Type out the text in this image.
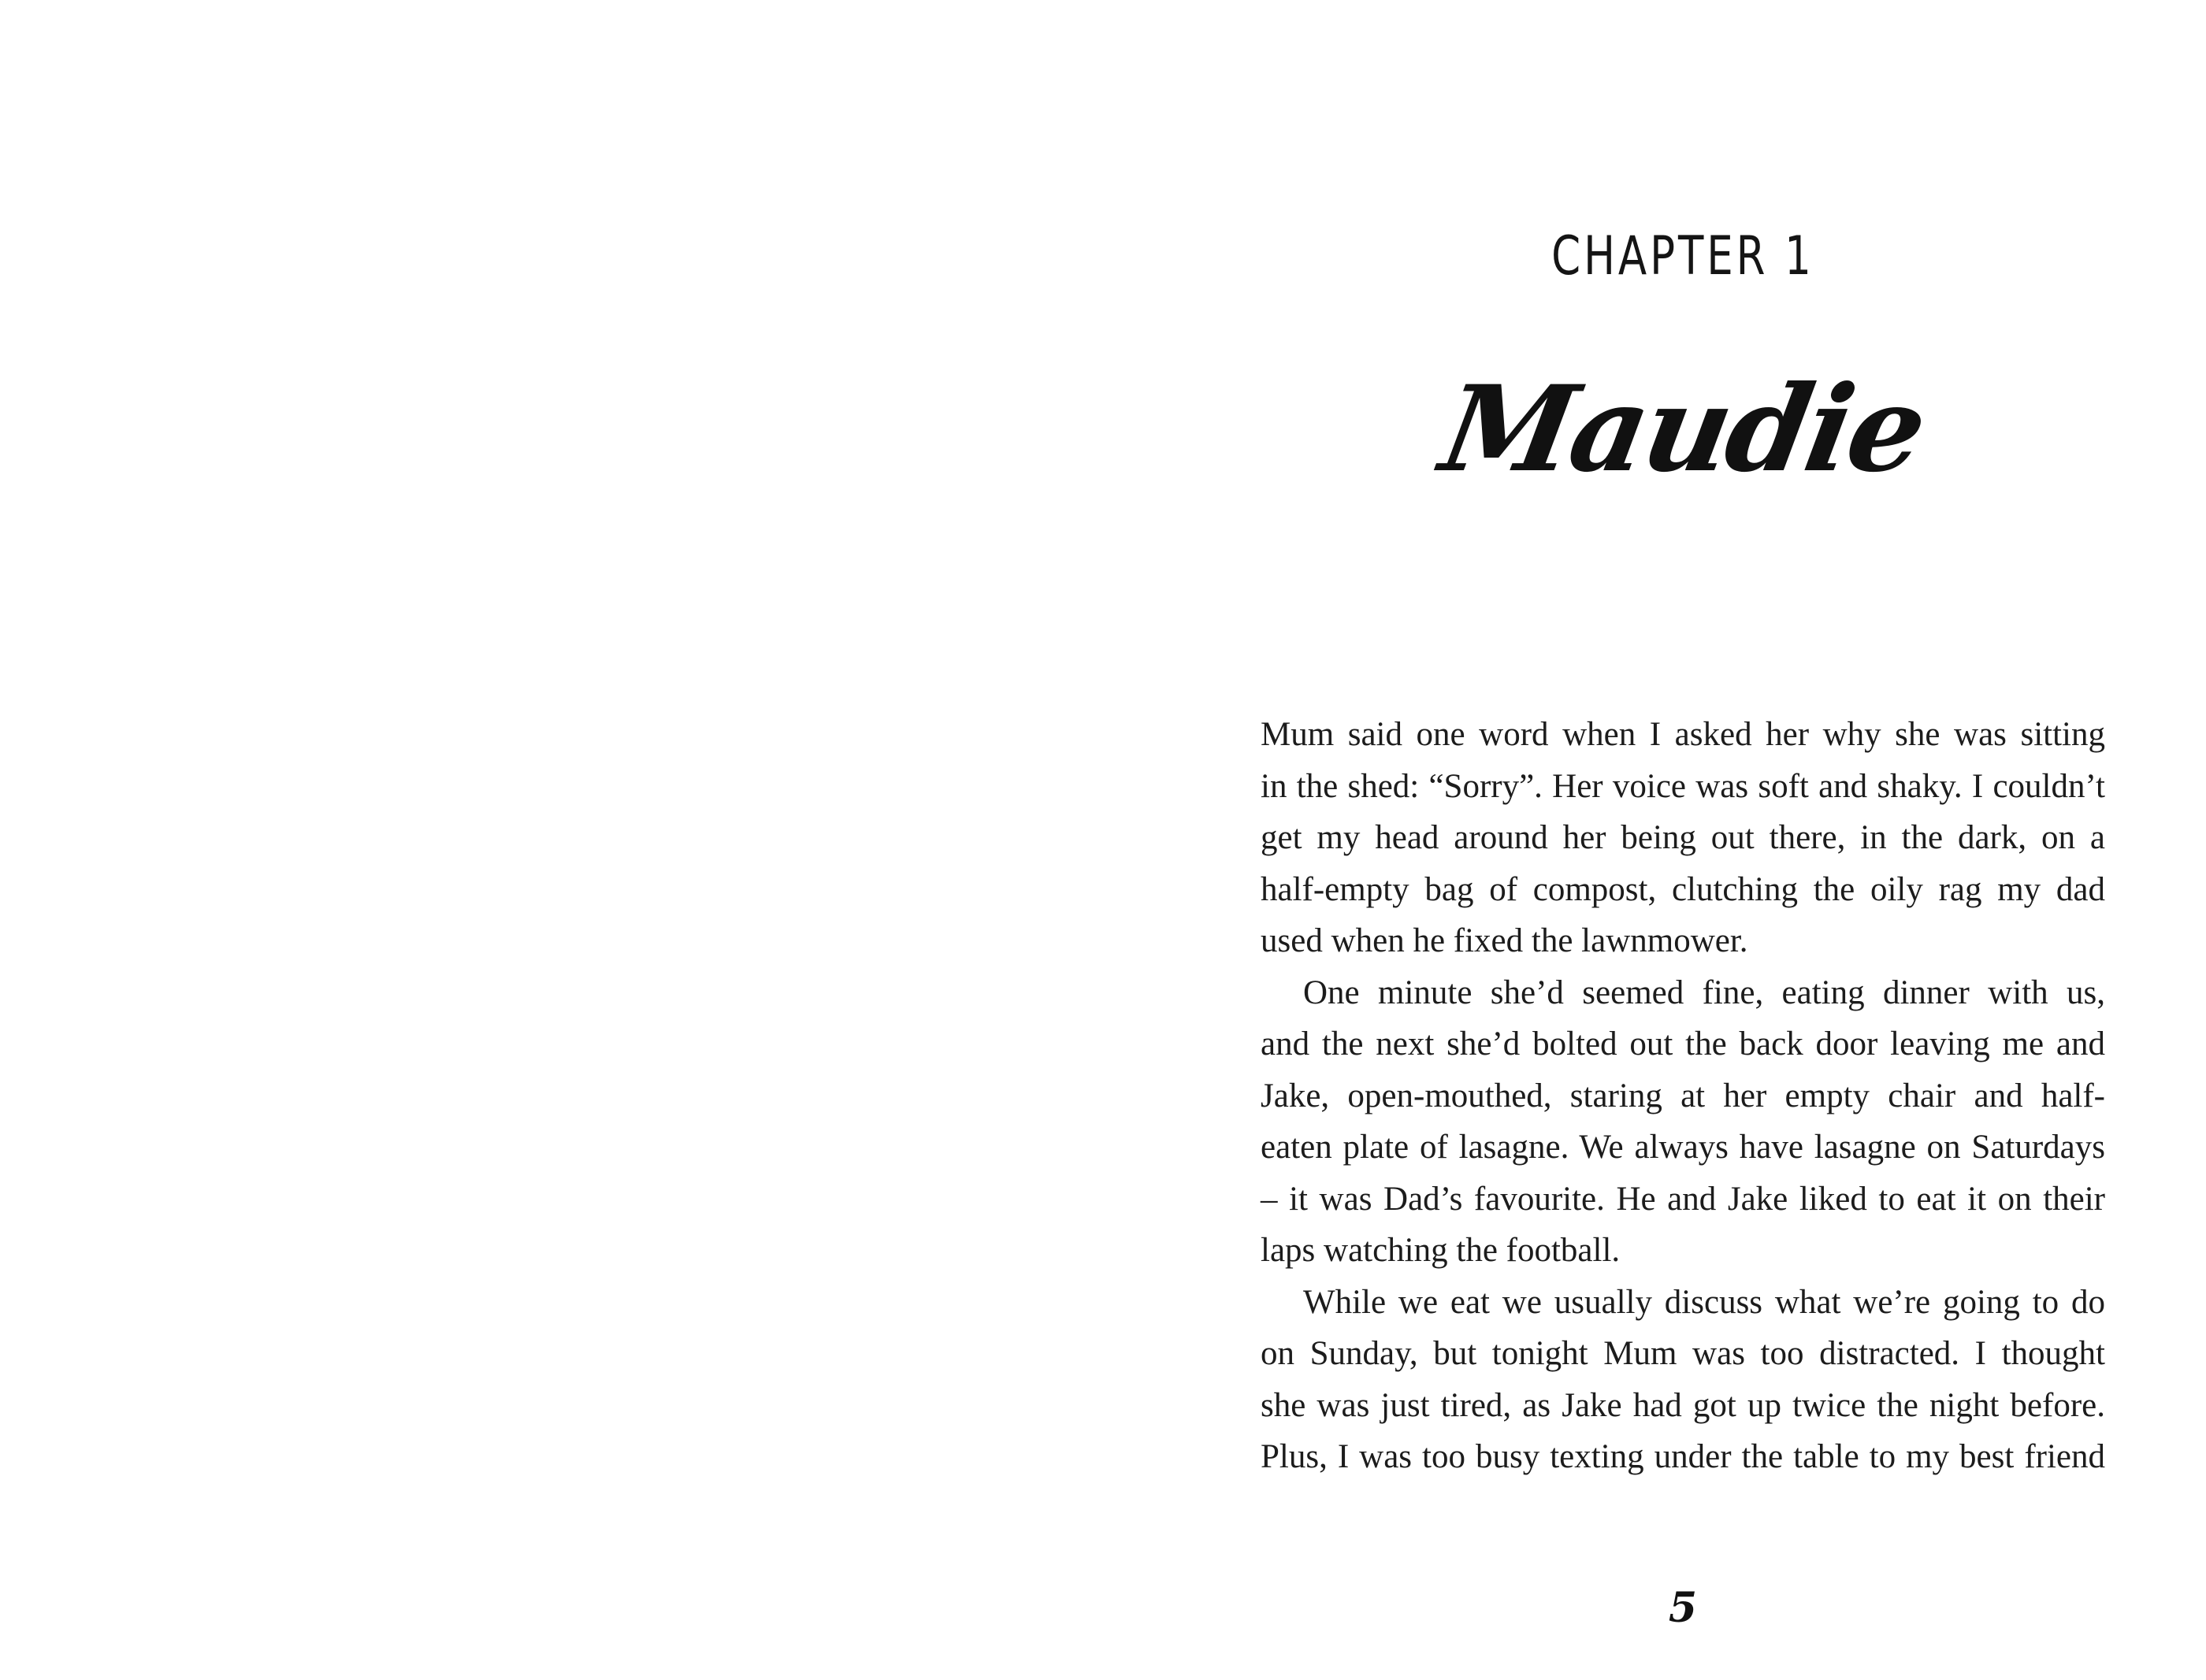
CHAPTER 1
Maudie
Mum said one word when I asked her why she was sitting
in the shed: “Sorry”. Her voice was soft and shaky. I couldn’t
get my head around her being out there, in the dark, on a
half-empty bag of compost, clutching the oily rag my dad
used when he fixed the lawnmower.
One minute she’d seemed fine, eating dinner with us,
and the next she’d bolted out the back door leaving me and
Jake, open-mouthed, staring at her empty chair and half-
eaten plate of lasagne. We always have lasagne on Saturdays
– it was Dad’s favourite. He and Jake liked to eat it on their
laps watching the football.
While we eat we usually discuss what we’re going to do
on Sunday, but tonight Mum was too distracted. I thought
she was just tired, as Jake had got up twice the night before.
Plus, I was too busy texting under the table to my best friend
5
